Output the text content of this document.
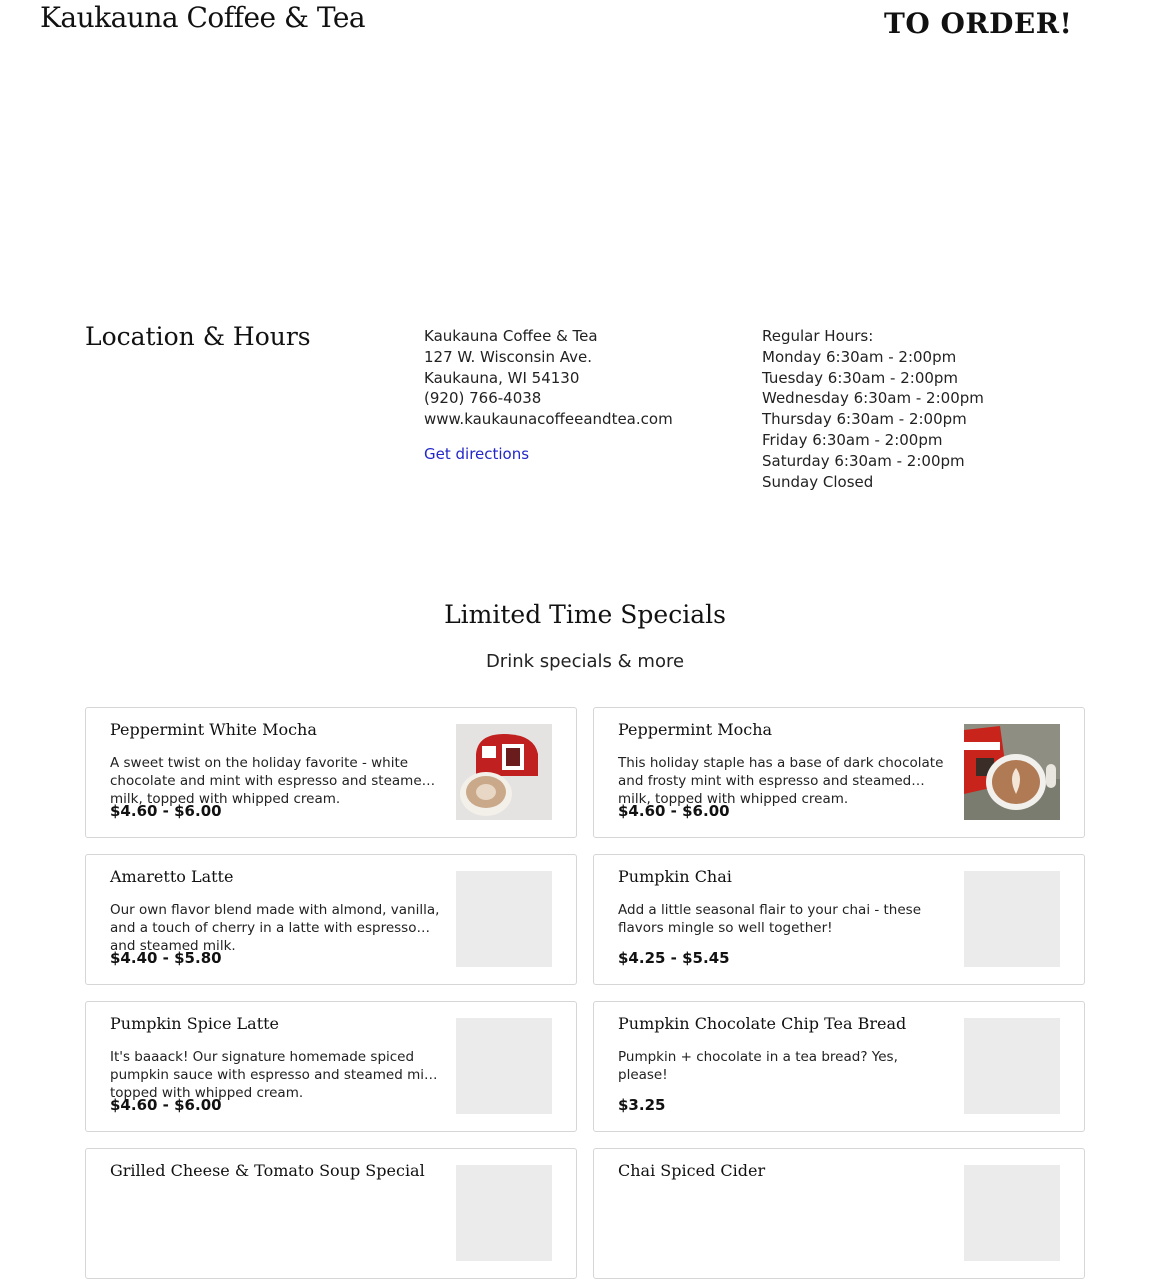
Kaukauna Coffee & Tea	TO ORDER!
Location & Hours	Kaukauna Coffee & Tea
127 W. Wisconsin Ave.
Kaukauna, WI 54130
(920) 766-4038
www.kaukaunacoffeeandtea.com
Get directions
Regular Hours:
Monday 6:30am - 2:00pm
Tuesday 6:30am - 2:00pm
Wednesday 6:30am - 2:00pm
Thursday 6:30am - 2:00pm
Friday 6:30am - 2:00pm
Saturday 6:30am - 2:00pm
Sunday Closed
Limited Time Specials
Drink specials & more
Peppermint White Mocha
A sweet twist on the holiday favorite - white chocolate and mint with espresso and steamed milk, topped with whipped cream.
$4.60 - $6.00
Peppermint Mocha
This holiday staple has a base of dark chocolate and frosty mint with espresso and steamed milk, topped with whipped cream.
$4.60 - $6.00
Amaretto Latte
Our own flavor blend made with almond, vanilla, and a touch of cherry in a latte with espresso and steamed milk.
$4.40 - $5.80
Pumpkin Chai
Add a little seasonal flair to your chai - these flavors mingle so well together!
$4.25 - $5.45
Pumpkin Spice Latte
It's baaack! Our signature homemade spiced pumpkin sauce with espresso and steamed milk, topped with whipped cream.
$4.60 - $6.00
Pumpkin Chocolate Chip Tea Bread
Pumpkin + chocolate in a tea bread? Yes, please!
$3.25
Grilled Cheese & Tomato Soup Special	Chai Spiced Cider
